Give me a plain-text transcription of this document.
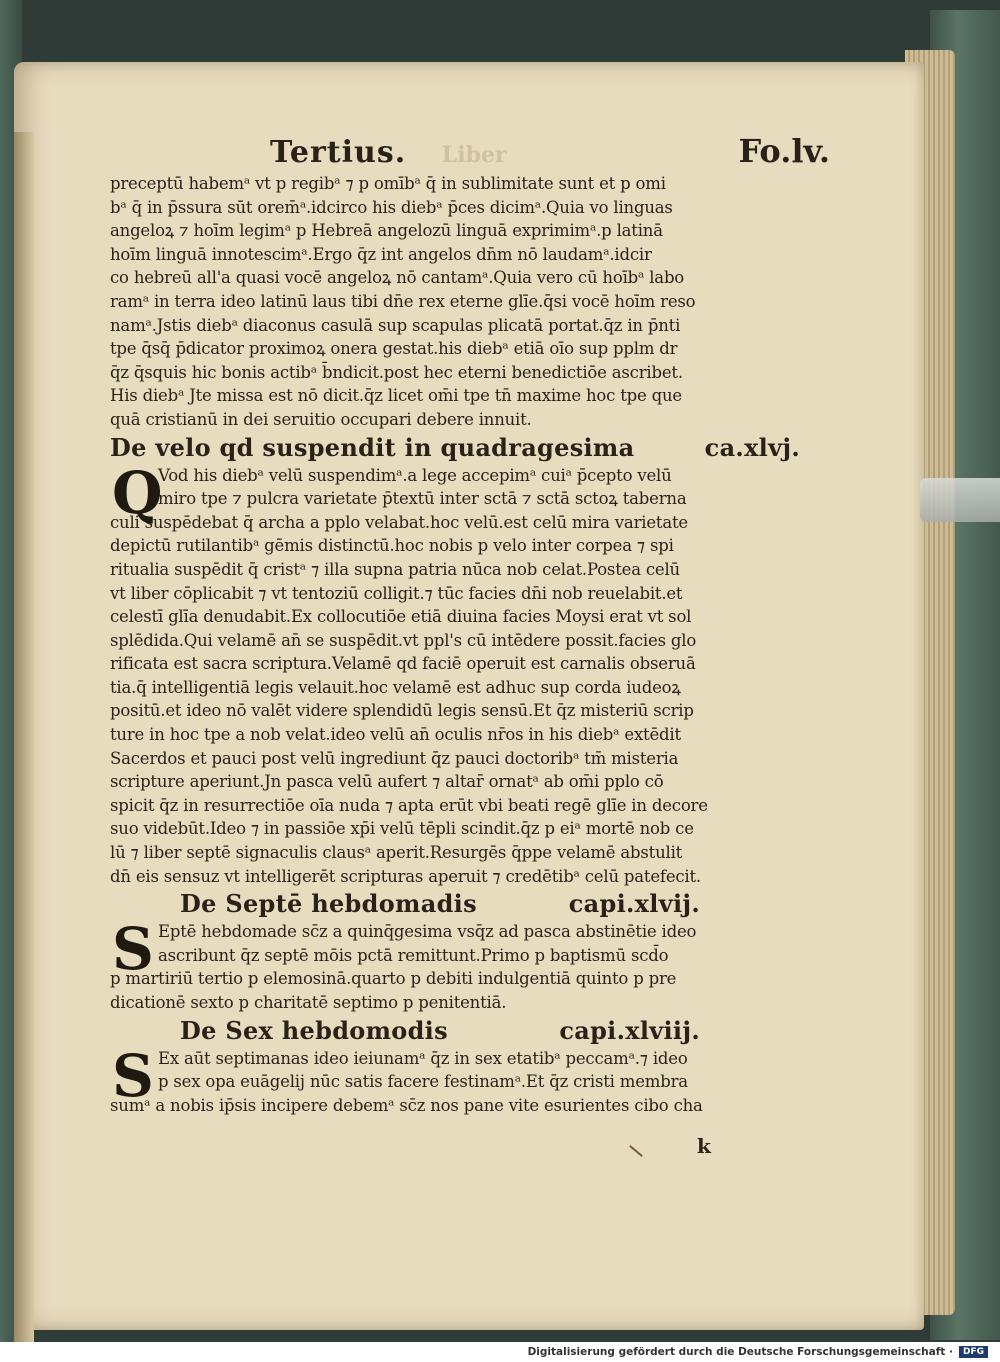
Tertius. Liber	Fo.lv.
preceptū habemᵃ vt p regibᵃ ⁊ p omībᵃ q̄ in sublimitate sunt et p omi
bᵃ q̄ in p̄ssura sūt orem̄ᵃ.idcirco his diebᵃ p̄ces dicimᵃ.Quia vo linguas
angeloꝝ ⁊ hoīm legimᵃ p Hebreā angelozū linguā exprimimᵃ.p latinā
hoīm linguā innotescimᵃ.Ergo q̄z int angelos dn̄m nō laudamᵃ.idcir
co hebreū all'a quasi vocē angeloꝝ nō cantamᵃ.Quia vero cū hoībᵃ labo
ramᵃ in terra ideo latinū laus tibi dn̄e rex eterne glīe.q̄si vocē hoīm reso
namᵃ.Jstis diebᵃ diaconus casulā sup scapulas plicatā portat.q̄z in p̄nti
tpe q̄sq̄ p̄dicator proximoꝝ onera gestat.his diebᵃ etiā oīo sup pplm dr
q̄z q̄squis hic bonis actibᵃ b̄ndicit.post hec eterni benedictiōe ascribet.
His diebᵃ Jte missa est nō dicit.q̄z licet om̄i tpe tn̄ maxime hoc tpe que
quā cristianū in dei seruitio occupari debere innuit.
De velo qd suspendit in quadragesima	ca.xlvj.
Q
Vod his diebᵃ velū suspendimᵃ.a lege accepimᵃ cuiᵃ p̄cepto velū
miro tpe ⁊ pulcra varietate p̄textū inter sctā ⁊ sctā sctoꝝ taberna
culi suspēdebat q̄ archa a pplo velabat.hoc velū.est celū mira varietate
depictū rutilantibᵃ gēmis distinctū.hoc nobis p velo inter corpea ⁊ spi
ritualia suspēdit q̄ cristᵃ ⁊ illa supna patria nūca nob celat.Postea celū
vt liber cōplicabit ⁊ vt tentoziū colligit.⁊ tūc facies dn̄i nob reuelabit.et
celestī glīa denudabit.Ex collocutiōe etiā diuina facies Moysi erat vt sol
splēdida.Qui velamē an̄ se suspēdit.vt ppl's cū intēdere possit.facies glo
rificata est sacra scriptura.Velamē qd faciē operuit est carnalis obseruā
tia.q̄ intelligentiā legis velauit.hoc velamē est adhuc sup corda iudeoꝝ
positū.et ideo nō valēt videre splendidū legis sensū.Et q̄z misteriū scrip
ture in hoc tpe a nob velat.ideo velū an̄ oculis nr̄os in his diebᵃ extēdit
Sacerdos et pauci post velū ingrediunt q̄z pauci doctoribᵃ tm̄ misteria
scripture aperiunt.Jn pasca velū aufert ⁊ altar̄ ornatᵃ ab om̄i pplo cō
spicit q̄z in resurrectiōe oīa nuda ⁊ apta erūt vbi beati regē glīe in decore
suo videbūt.Ideo ⁊ in passiōe xp̄i velū tēpli scindit.q̄z p eiᵃ mortē nob ce
lū ⁊ liber septē signaculis clausᵃ aperit.Resurgēs q̄ppe velamē abstulit
dn̄ eis sensuz vt intelligerēt scripturas aperuit ⁊ credētibᵃ celū patefecit.
De Septē hebdomadis	capi.xlvij.
S Eptē hebdomade sc̄z a quinq̄gesima vsq̄z ad pasca abstinētie ideo
ascribunt q̄z septē mōis pctā remittunt.Primo p baptismū scd̄o
p martiriū tertio p elemosinā.quarto p debiti indulgentiā quinto p pre
dicationē sexto p charitatē septimo p penitentiā.
De Sex hebdomodis	capi.xlviij.
S Ex aūt septimanas ideo ieiunamᵃ q̄z in sex etatibᵃ peccamᵃ.⁊ ideo
p sex opa euāgelij nūc satis facere festinamᵃ.Et q̄z cristi membra
sumᵃ a nobis ip̄sis incipere debemᵃ sc̄z nos pane vite esurientes cibo cha
k
Digitalisierung gefördert durch die Deutsche Forschungsgemeinschaft ·	DFG
